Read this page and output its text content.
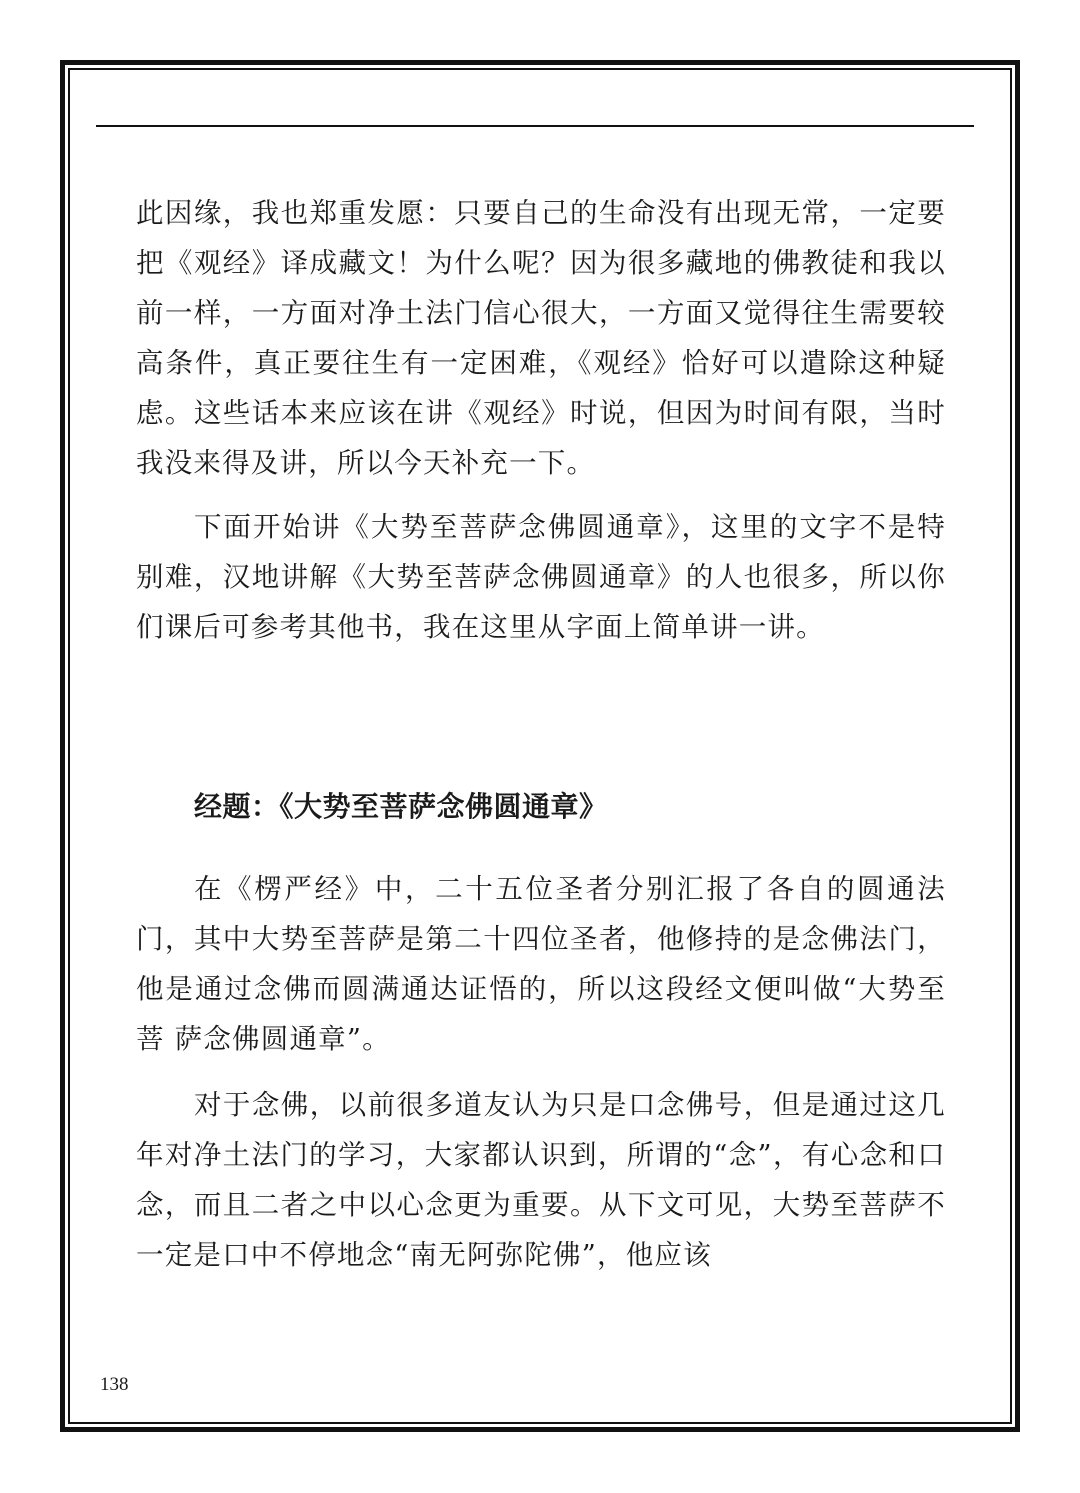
此因缘，我也郑重发愿：只要自己的生命没有出现无常，一定要把《观经》译成藏文！为什么呢？因为很多藏地的佛教徒和我以前一样，一方面对净土法门信心很大，一方面又觉得往生需要较高条件，真正要往生有一定困难，《观经》恰好可以遣除这种疑虑。这些话本来应该在讲《观经》时说，但因为时间有限，当时我没来得及讲，所以今天补充一下。

下面开始讲《大势至菩萨念佛圆通章》，这里的文字不是特别难，汉地讲解《大势至菩萨念佛圆通章》的人也很多，所以你们课后可参考其他书，我在这里从字面上简单讲一讲。

经题：《大势至菩萨念佛圆通章》

在《楞严经》中，二十五位圣者分别汇报了各自的圆通法门，其中大势至菩萨是第二十四位圣者，他修持的是念佛法门，他是通过念佛而圆满通达证悟的，所以这段经文便叫做“大势至菩 萨念佛圆通章”。

对于念佛，以前很多道友认为只是口念佛号，但是通过这几年对净土法门的学习，大家都认识到，所谓的“念”，有心念和口念，而且二者之中以心念更为重要。从下文可见，大势至菩萨不一定是口中不停地念“南无阿弥陀佛”，他应该

138
